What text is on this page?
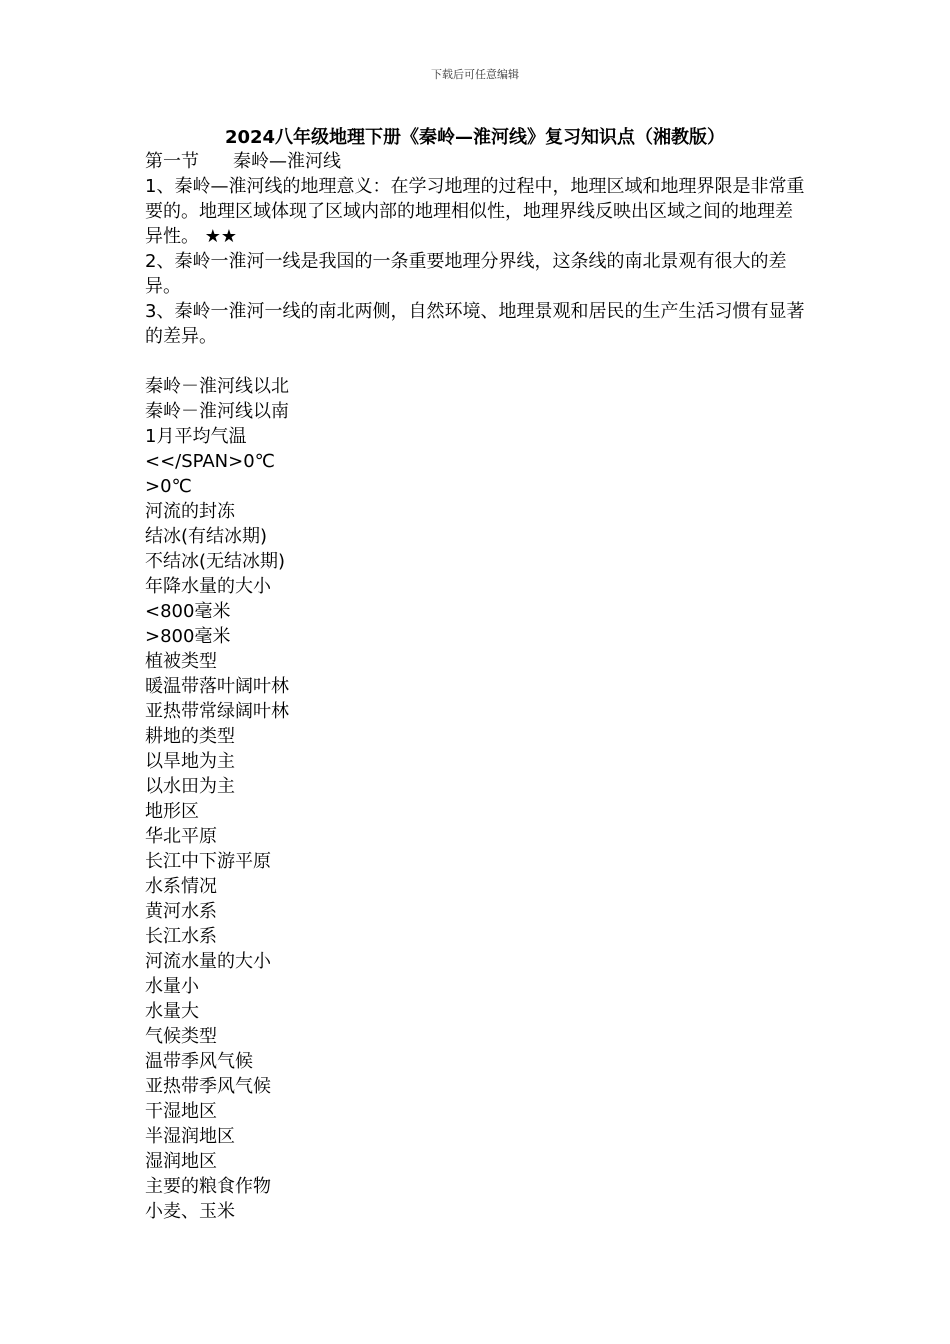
下载后可任意编辑
2024八年级地理下册《秦岭—淮河线》复习知识点（湘教版）

第一节 秦岭—淮河线

1、秦岭—淮河线的地理意义：在学习地理的过程中，地理区域和地理界限是非常重要的。地理区域体现了区域内部的地理相似性，地理界线反映出区域之间的地理差异性。 ★★

2、秦岭一淮河一线是我国的一条重要地理分界线，这条线的南北景观有很大的差异。

3、秦岭一淮河一线的南北两侧，自然环境、地理景观和居民的生产生活习惯有显著的差异。

秦岭－淮河线以北

秦岭－淮河线以南

1月平均气温

<</SPAN>0℃

>0℃

河流的封冻

结冰(有结冰期)

不结冰(无结冰期)

年降水量的大小

<800毫米

>800毫米

植被类型

暖温带落叶阔叶林

亚热带常绿阔叶林

耕地的类型

以旱地为主

以水田为主

地形区

华北平原

长江中下游平原

水系情况

黄河水系

长江水系

河流水量的大小

水量小

水量大

气候类型

温带季风气候

亚热带季风气候

干湿地区

半湿润地区

湿润地区

主要的粮食作物

小麦、玉米
